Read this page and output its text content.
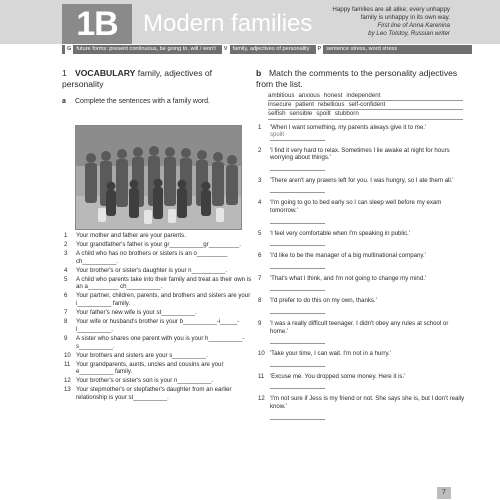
1B	Modern families
Happy families are all alike; every unhappy
family is unhappy in its own way.
First line of Anna Karenina
by Leo Tolstoy, Russian writer
G future forms: present continuous, be going to, will / won't V family, adjectives of personality P sentence stress, word stress
1 VOCABULARY family, adjectives of personality
a Complete the sentences with a family word.
1	Your mother and father are your parents.
2	Your grandfather's father is your gr__________gr_________.
3	A child who has no brothers or sisters is an o_________ ch__________.
4	Your brother's or sister's daughter is your n__________.
5	A child who parents take into their family and treat as their own is an a_________ ch__________.
6	Your partner, children, parents, and brothers and sisters are your i__________ family.
7	Your father's new wife is your st__________.
8	Your wife or husband's brother is your b__________-i_____-l__________.
9	A sister who shares one parent with you is your h__________-s__________.
10 Your brothers and sisters are your s__________.
11 Your grandparents, aunts, uncles and cousins are your e__________ family.
12 Your brother's or sister's son is your n__________.
13 Your stepmother's or stepfather's daughter from an earlier relationship is your st__________.
b Match the comments to the personality adjectives from the list.
ambitious anxious honest independent
insecure patient rebellious self-confident
selfish sensible spoilt stubborn
1	'When I want something, my parents always give it to me.'
spoilt
2	'I find it very hard to relax. Sometimes I lie awake at night for hours worrying about things.'
3	'There aren't any prawns left for you. I was hungry, so I ate them all.'
4	'I'm going to go to bed early so I can sleep well before my exam tomorrow.'
5	'I feel very comfortable when I'm speaking in public.'
6	'I'd like to be the manager of a big multinational company.'
7	'That's what I think, and I'm not going to change my mind.'
8	'I'd prefer to do this on my own, thanks.'
9	'I was a really difficult teenager. I didn't obey any rules at school or home.'
10 'Take your time, I can wait. I'm not in a hurry.'
11 'Excuse me. You dropped some money. Here it is.'
12 'I'm not sure if Jess is my friend or not. She says she is, but I don't really know.'
7
